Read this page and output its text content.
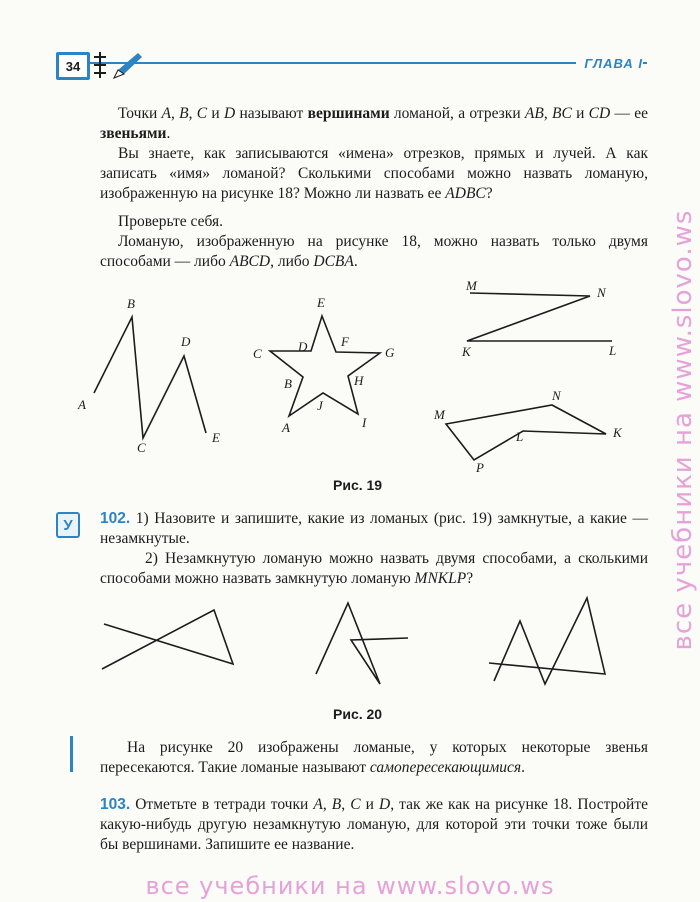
34	ГЛАВА I

Точки A, B, C и D называют вершинами ломаной, а отрезки AB, BC и CD — ее звеньями.

Вы знаете, как записываются «имена» отрезков, прямых и лучей. А как записать «имя» ломаной? Сколькими способами можно назвать ломаную, изображенную на рисунке 18? Можно ли назвать ее ADBC?

Проверьте себя.

Ломаную, изображенную на рисунке 18, можно назвать только двумя способами — либо ABCD, либо DCBA.

A
B
C
D
E
C	D	F
G
B	H
J
A	I
E
M	N
K	L
M
N
L	K
P
Рис. 19
У	102. 1) Назовите и запишите, какие из ломаных (рис. 19) замкнутые, а какие — незамкнутые.

2) Незамкнутую ломаную можно назвать двумя способами, а сколькими способами можно назвать замкнутую ломаную MNKLP?

Рис. 20

На рисунке 20 изображены ломаные, у которых некоторые звенья пересекаются. Такие ломаные называют самопересекающимися.

103. Отметьте в тетради точки A, B, C и D, так же как на рисунке 18. Постройте какую-нибудь другую незамкнутую ломаную, для которой эти точки тоже были бы вершинами. Запишите ее название.

все учебники на www.slovo.ws
все учебники на www.slovo.ws
